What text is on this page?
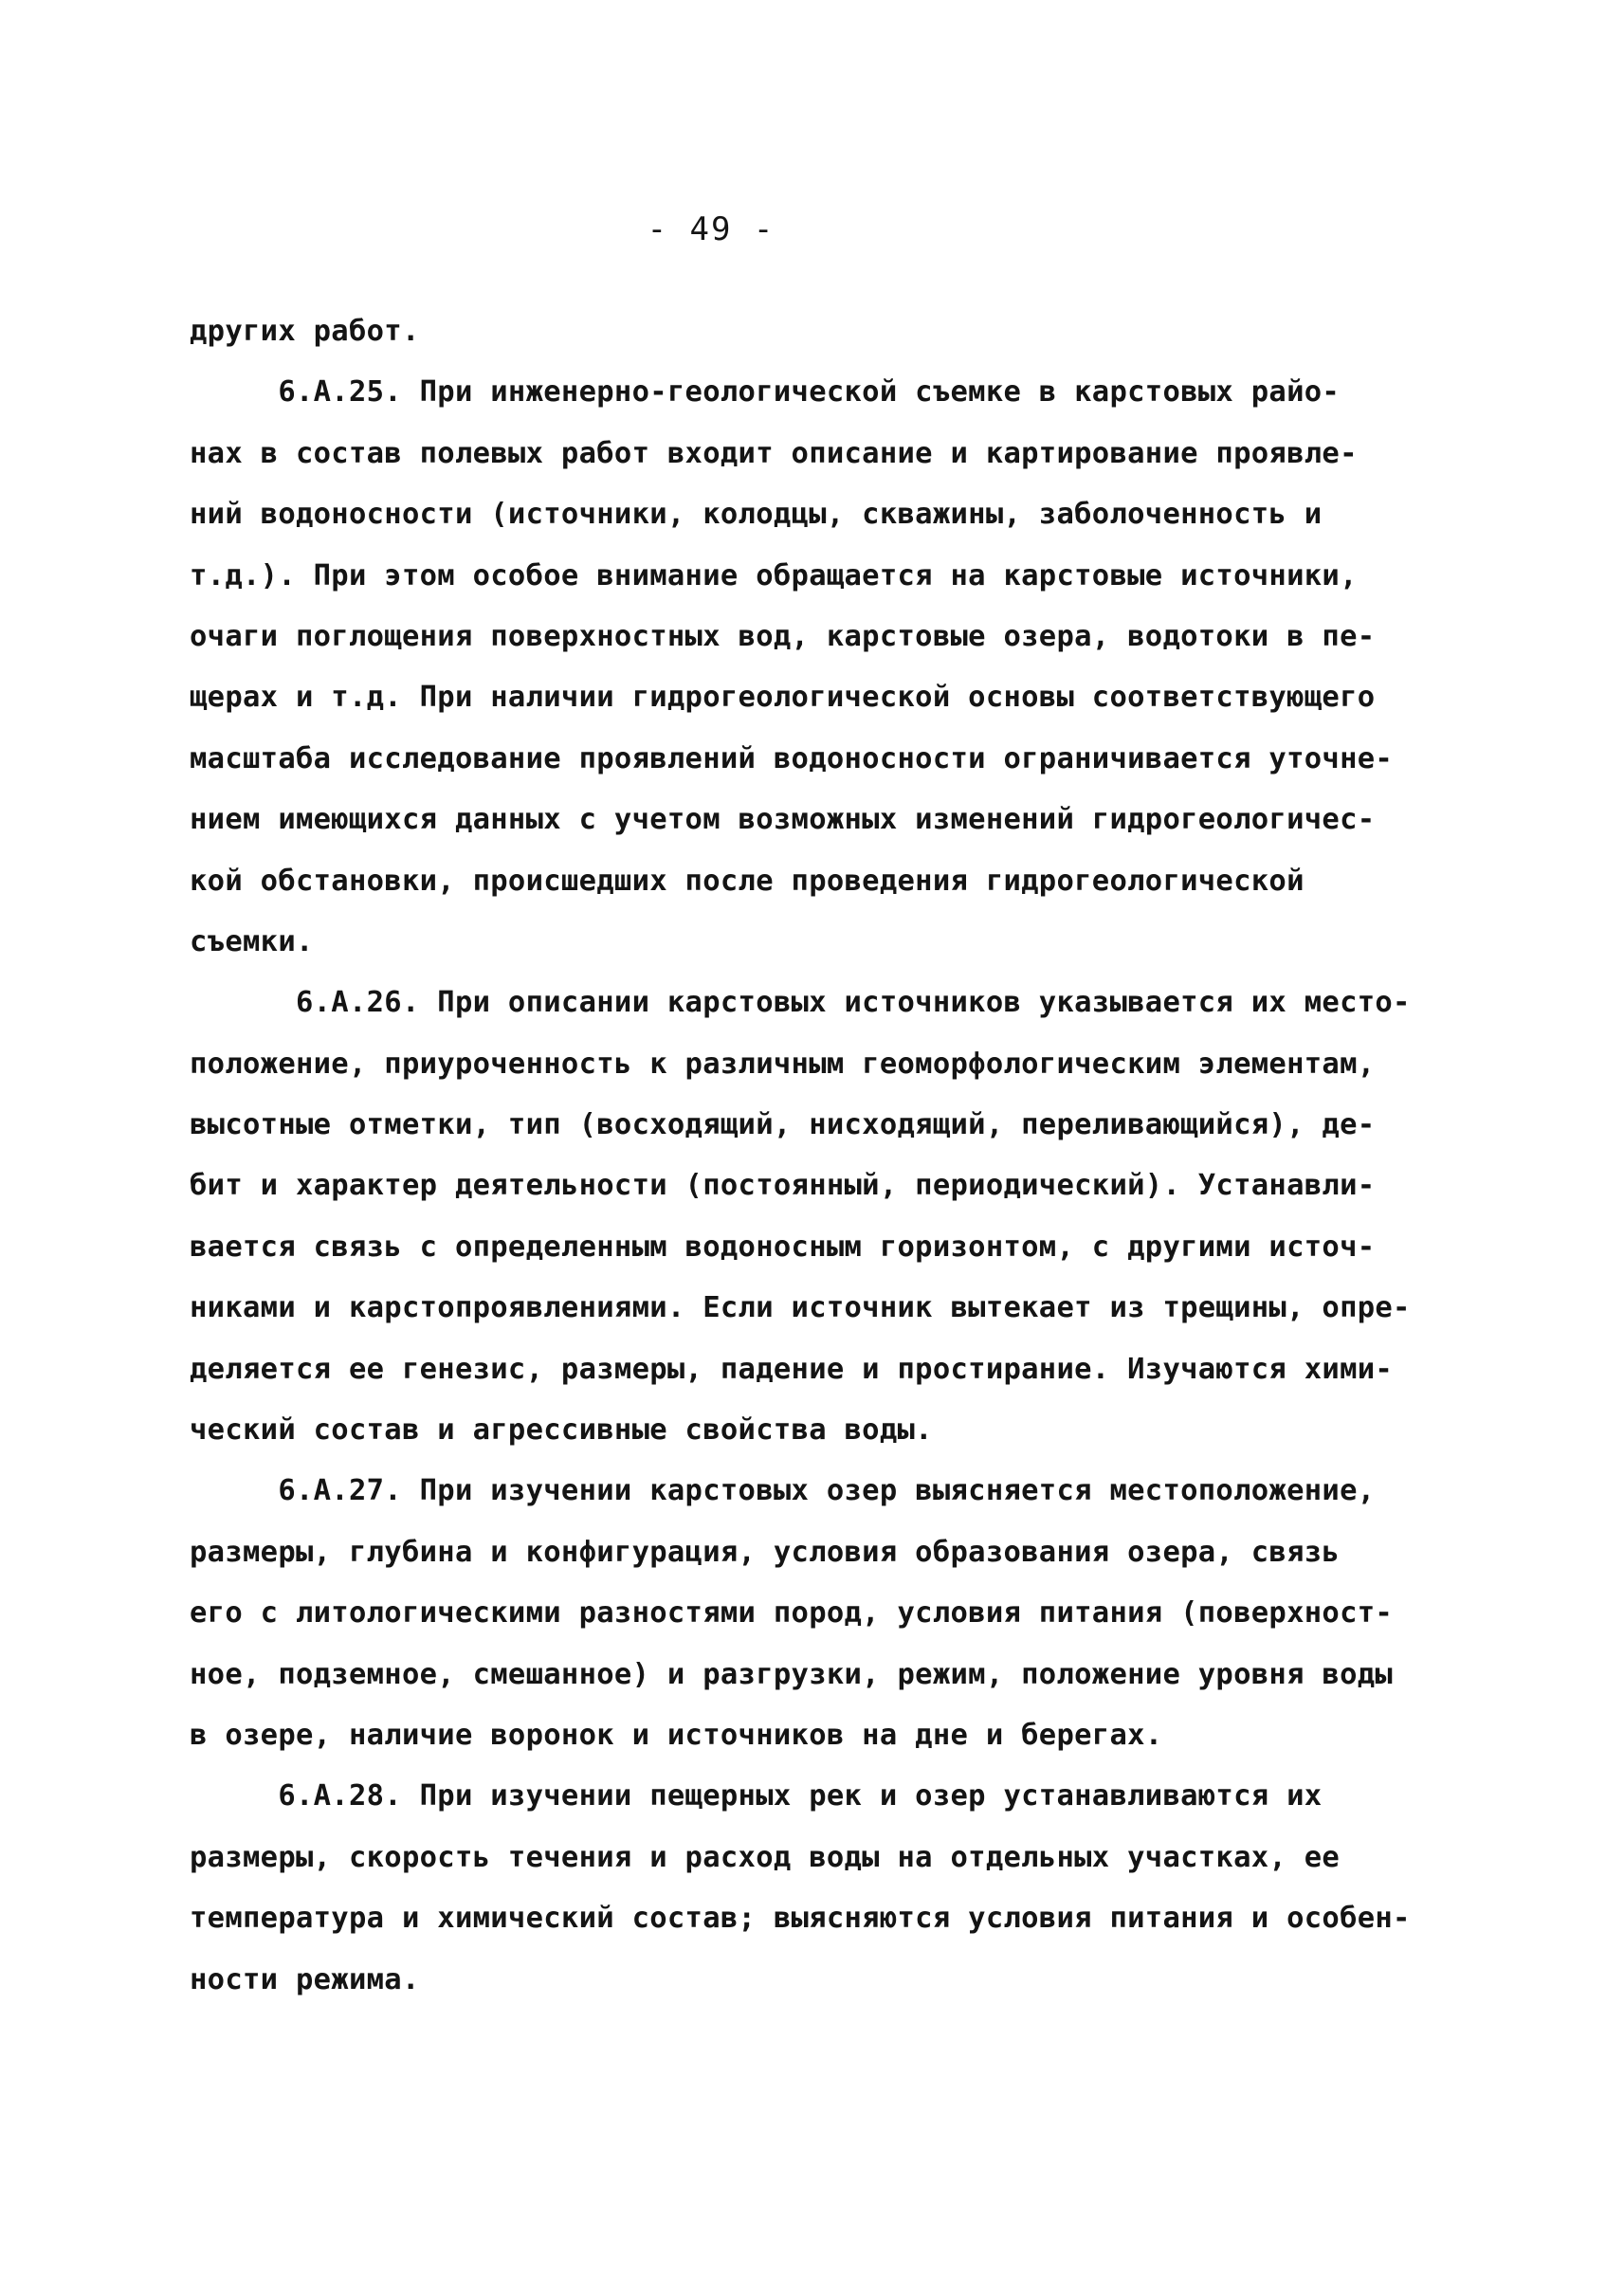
- 49 -
других работ.
6.А.25. При инженерно-геологической съемке в карстовых райо-
нах в состав полевых работ входит описание и картирование проявле-
ний водоносности (источники, колодцы, скважины, заболоченность и
т.д.). При этом особое внимание обращается на карстовые источники,
очаги поглощения поверхностных вод, карстовые озера, водотоки в пе-
щерах и т.д. При наличии гидрогеологической основы соответствующего
масштаба исследование проявлений водоносности ограничивается уточне-
нием имеющихся данных с учетом возможных изменений гидрогеологичес-
кой обстановки, происшедших после проведения гидрогеологической
съемки.
6.А.26. При описании карстовых источников указывается их место-
положение, приуроченность к различным геоморфологическим элементам,
высотные отметки, тип (восходящий, нисходящий, переливающийся), де-
бит и характер деятельности (постоянный, периодический). Устанавли-
вается связь с определенным водоносным горизонтом, с другими источ-
никами и карстопроявлениями. Если источник вытекает из трещины, опре-
деляется ее генезис, размеры, падение и простирание. Изучаются хими-
ческий состав и агрессивные свойства воды.
6.А.27. При изучении карстовых озер выясняется местоположение,
размеры, глубина и конфигурация, условия образования озера, связь
его с литологическими разностями пород, условия питания (поверхност-
ное, подземное, смешанное) и разгрузки, режим, положение уровня воды
в озере, наличие воронок и источников на дне и берегах.
6.А.28. При изучении пещерных рек и озер устанавливаются их
размеры, скорость течения и расход воды на отдельных участках, ее
температура и химический состав; выясняются условия питания и особен-
ности режима.
